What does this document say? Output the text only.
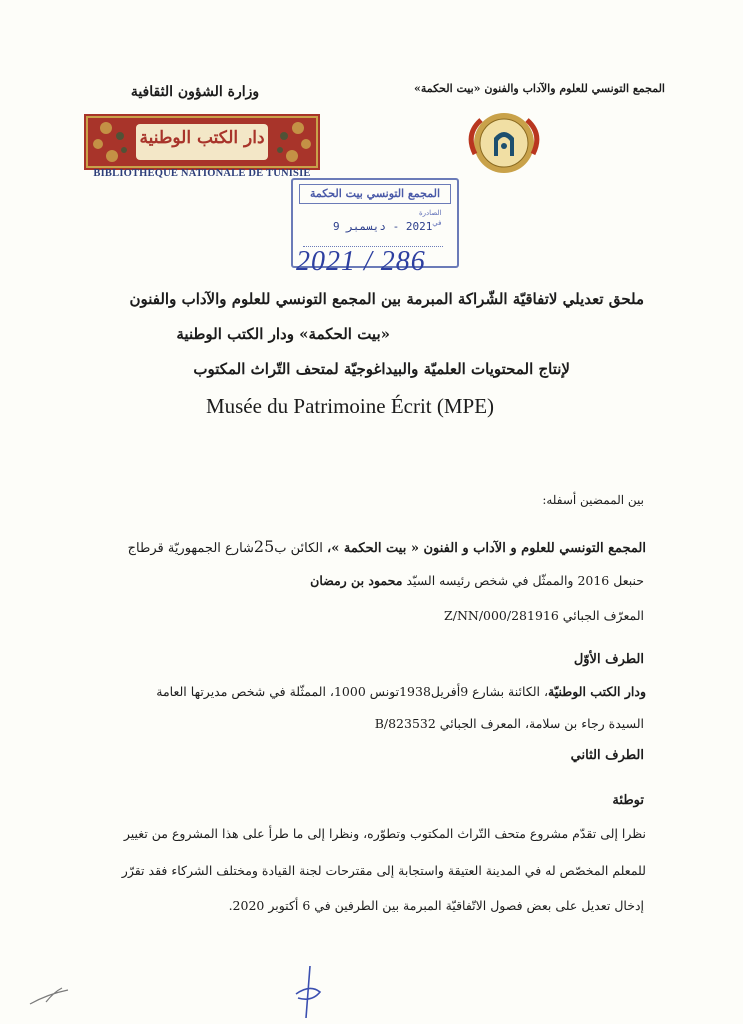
وزارة الشؤون الثقافية	المجمع التونسي للعلوم والآداب والفنون «بيت الحكمة»
دار الكتب الوطنية
BIBLIOTHEQUE NATIONALE DE TUNISIE
المجمع التونسي بيت الحكمة
الصادرة
في
2021 - ديسمبر 9
2021 / 286
ملحق تعديلي لاتفاقيّة الشّراكة المبرمة بين المجمع التونسي للعلوم والآداب والفنون
«بيت الحكمة» ودار الكتب الوطنية
لإنتاج المحتويات العلميّة والبيداغوجيّة لمتحف التّراث المكتوب
Musée du Patrimoine Écrit (MPE)
بين الممضين أسفله:
المجمع التونسي للعلوم و الآداب و الفنون « بيت الحكمة »، الكائن ب25شارع الجمهوريّة قرطاج
حنبعل 2016 والممثّل في شخص رئيسه السيّد محمود بن رمضان
المعرّف الجبائي Z/NN/000/281916
الطرف الأوّل
ودار الكتب الوطنيّة، الكائنة بشارع 9أفريل1938تونس 1000، الممثّلة في شخص مديرتها العامة
السيدة رجاء بن سلامة، المعرف الجبائي B/823532
الطرف الثاني
توطئة
نظرا إلى تقدّم مشروع متحف التّراث المكتوب وتطوّره، ونظرا إلى ما طرأ على هذا المشروع من تغيير
للمعلم المخصّص له في المدينة العتيقة واستجابة إلى مقترحات لجنة القيادة ومختلف الشركاء فقد تقرّر
إدخال تعديل على بعض فصول الاتّفاقيّة المبرمة بين الطرفين في 6 أكتوبر 2020.
